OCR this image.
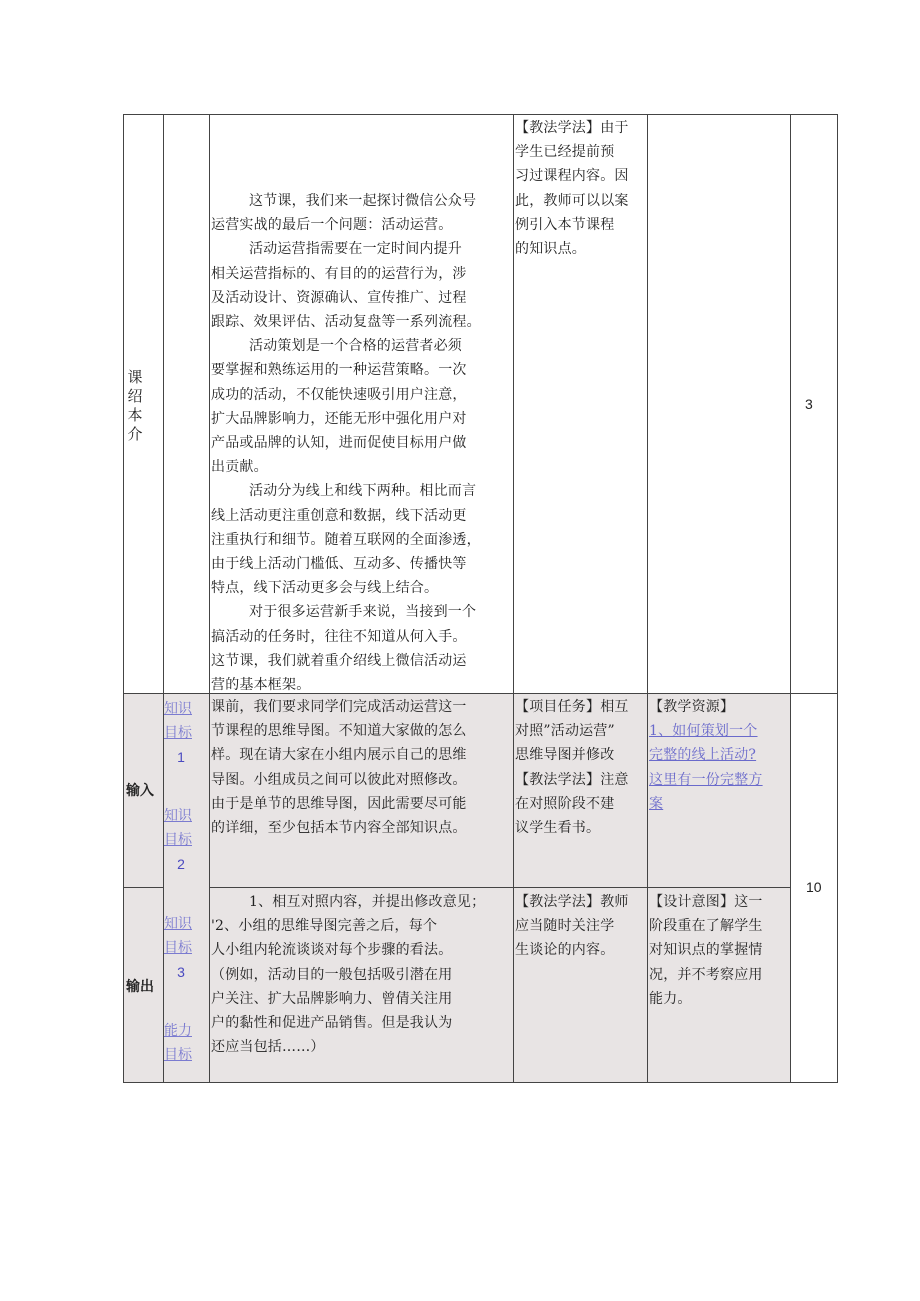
课绍本介
这节课，我们来一起探讨微信公众号
运营实战的最后一个问题：活动运营。
活动运营指需要在一定时间内提升
相关运营指标的、有目的的运营行为，涉
及活动设计、资源确认、宣传推广、过程
跟踪、效果评估、活动复盘等一系列流程。
活动策划是一个合格的运营者必须
要掌握和熟练运用的一种运营策略。一次
成功的活动，不仅能快速吸引用户注意，
扩大品牌影响力，还能无形中强化用户对
产品或品牌的认知，进而促使目标用户做
出贡献。
活动分为线上和线下两种。相比而言
线上活动更注重创意和数据，线下活动更
注重执行和细节。随着互联网的全面渗透，
由于线上活动门槛低、互动多、传播快等
特点，线下活动更多会与线上结合。
对于很多运营新手来说，当接到一个
搞活动的任务时，往往不知道从何入手。
这节课，我们就着重介绍线上微信活动运
营的基本框架。
【教法学法】由于
学生已经提前预
习过课程内容。因
此，教师可以以案
例引入本节课程
的知识点。
3
输入
输出
知识
目标
1
知识
目标
2
知识
目标
3
能力
目标
课前，我们要求同学们完成活动运营这一
节课程的思维导图。不知道大家做的怎么
样。现在请大家在小组内展示自己的思维
导图。小组成员之间可以彼此对照修改。
由于是单节的思维导图，因此需要尽可能
的详细，至少包括本节内容全部知识点。
【项目任务】相互
对照”活动运营”
思维导图并修改
【教法学法】注意
在对照阶段不建
议学生看书。
【教学资源】
1、如何策划一个
完整的线上活动?
这里有一份完整方
案
1、相互对照内容，并提出修改意见；
'2、小组的思维导图完善之后，每个
人小组内轮流谈谈对每个步骤的看法。
（例如，活动目的一般包括吸引潜在用
户关注、扩大品牌影响力、曾倩关注用
户的黏性和促进产品销售。但是我认为
还应当包括……）
【教法学法】教师
应当随时关注学
生谈论的内容。
【设计意图】这一
阶段重在了解学生
对知识点的掌握情
况，并不考察应用
能力。
10
